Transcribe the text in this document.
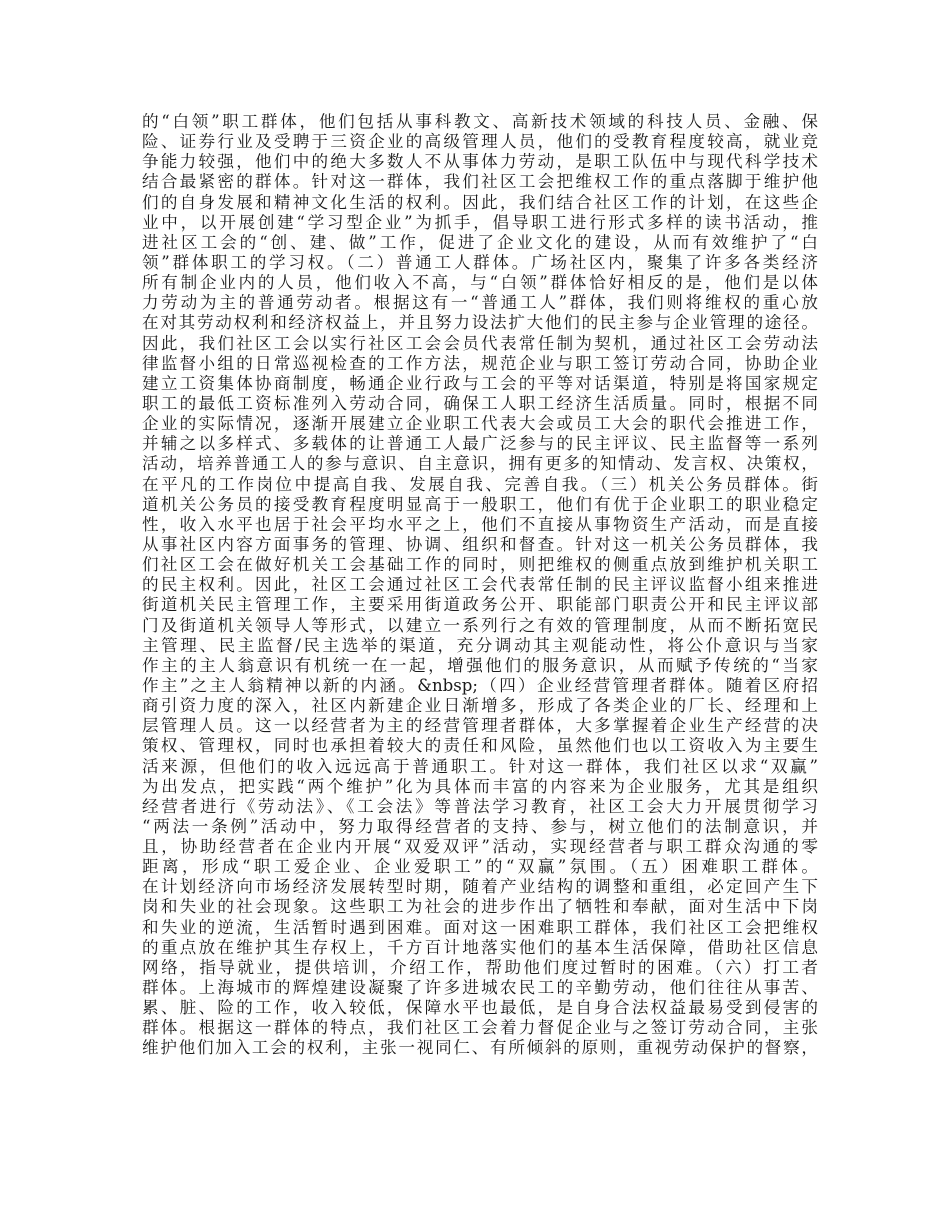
的“白领”职工群体，他们包括从事科教文、高新技术领域的科技人员、金融、保
险、证券行业及受聘于三资企业的高级管理人员，他们的受教育程度较高，就业竞
争能力较强，他们中的绝大多数人不从事体力劳动，是职工队伍中与现代科学技术
结合最紧密的群体。针对这一群体，我们社区工会把维权工作的重点落脚于维护他
们的自身发展和精神文化生活的权利。因此，我们结合社区工作的计划，在这些企
业中，以开展创建“学习型企业”为抓手，倡导职工进行形式多样的读书活动，推
进社区工会的“创、建、做”工作，促进了企业文化的建设，从而有效维护了“白
领”群体职工的学习权。（二）普通工人群体。广场社区内，聚集了许多各类经济
所有制企业内的人员，他们收入不高，与“白领”群体恰好相反的是，他们是以体
力劳动为主的普通劳动者。根据这有一“普通工人”群体，我们则将维权的重心放
在对其劳动权利和经济权益上，并且努力设法扩大他们的民主参与企业管理的途径。
因此，我们社区工会以实行社区工会会员代表常任制为契机，通过社区工会劳动法
律监督小组的日常巡视检查的工作方法，规范企业与职工签订劳动合同，协助企业
建立工资集体协商制度，畅通企业行政与工会的平等对话渠道，特别是将国家规定
职工的最低工资标准列入劳动合同，确保工人职工经济生活质量。同时，根据不同
企业的实际情况，逐渐开展建立企业职工代表大会或员工大会的职代会推进工作，
并辅之以多样式、多载体的让普通工人最广泛参与的民主评议、民主监督等一系列
活动，培养普通工人的参与意识、自主意识，拥有更多的知情动、发言权、决策权，
在平凡的工作岗位中提高自我、发展自我、完善自我。（三）机关公务员群体。街
道机关公务员的接受教育程度明显高于一般职工，他们有优于企业职工的职业稳定
性，收入水平也居于社会平均水平之上，他们不直接从事物资生产活动，而是直接
从事社区内容方面事务的管理、协调、组织和督查。针对这一机关公务员群体，我
们社区工会在做好机关工会基础工作的同时，则把维权的侧重点放到维护机关职工
的民主权利。因此，社区工会通过社区工会代表常任制的民主评议监督小组来推进
街道机关民主管理工作，主要采用街道政务公开、职能部门职责公开和民主评议部
门及街道机关领导人等形式，以建立一系列行之有效的管理制度，从而不断拓宽民
主管理、民主监督/民主选举的渠道，充分调动其主观能动性，将公仆意识与当家
作主的主人翁意识有机统一在一起，增强他们的服务意识，从而赋予传统的“当家
作主”之主人翁精神以新的内涵。&nbsp;（四）企业经营管理者群体。随着区府招
商引资力度的深入，社区内新建企业日渐增多，形成了各类企业的厂长、经理和上
层管理人员。这一以经营者为主的经营管理者群体，大多掌握着企业生产经营的决
策权、管理权，同时也承担着较大的责任和风险，虽然他们也以工资收入为主要生
活来源，但他们的收入远远高于普通职工。针对这一群体，我们社区以求“双赢”
为出发点，把实践“两个维护”化为具体而丰富的内容来为企业服务，尤其是组织
经营者进行《劳动法》、《工会法》等普法学习教育，社区工会大力开展贯彻学习
“两法一条例”活动中，努力取得经营者的支持、参与，树立他们的法制意识，并
且，协助经营者在企业内开展“双爱双评”活动，实现经营者与职工群众沟通的零
距离，形成“职工爱企业、企业爱职工”的“双赢”氛围。（五）困难职工群体。
在计划经济向市场经济发展转型时期，随着产业结构的调整和重组，必定回产生下
岗和失业的社会现象。这些职工为社会的进步作出了牺牲和奉献，面对生活中下岗
和失业的逆流，生活暂时遇到困难。面对这一困难职工群体，我们社区工会把维权
的重点放在维护其生存权上，千方百计地落实他们的基本生活保障，借助社区信息
网络，指导就业，提供培训，介绍工作，帮助他们度过暂时的困难。（六）打工者
群体。上海城市的辉煌建设凝聚了许多进城农民工的辛勤劳动，他们往往从事苦、
累、脏、险的工作，收入较低，保障水平也最低，是自身合法权益最易受到侵害的
群体。根据这一群体的特点，我们社区工会着力督促企业与之签订劳动合同，主张
维护他们加入工会的权利，主张一视同仁、有所倾斜的原则，重视劳动保护的督察，
